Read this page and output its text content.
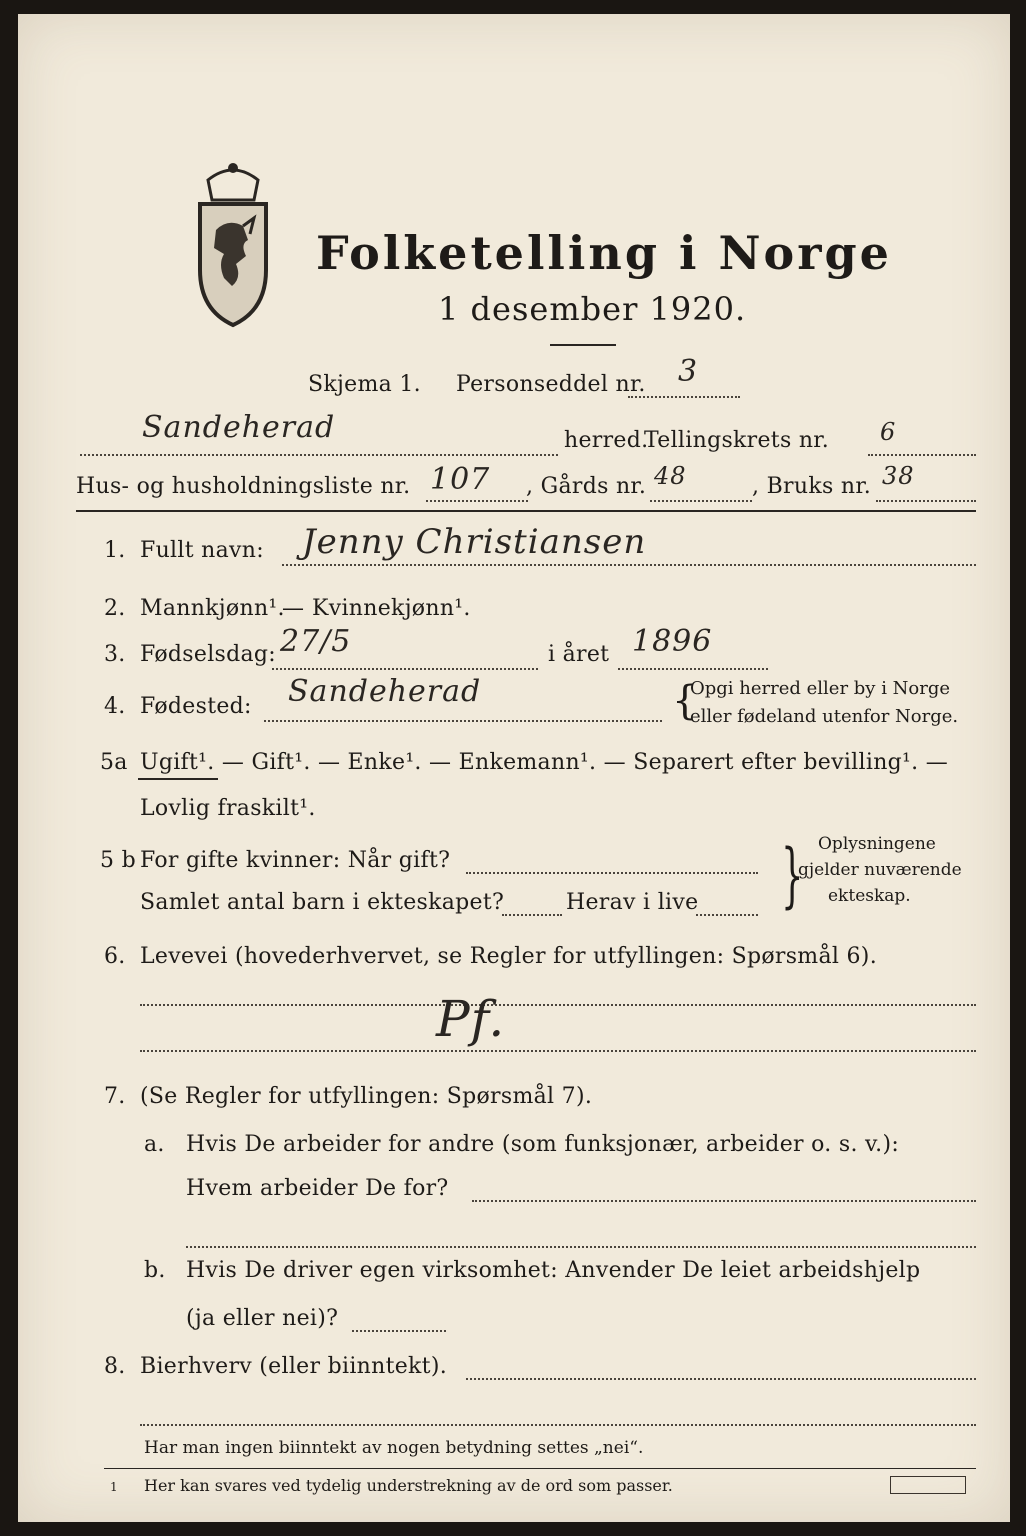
Folketelling i Norge
1 desember 1920.
Skjema 1. Personseddel nr. 3
Sandeherad	herred.
Tellingskrets nr. 6
Hus- og husholdningsliste nr. 107 , Gårds nr. 48	, Bruks nr. 38
1. Fullt navn: Jenny Christiansen
2. Mannkjønn¹.
— Kvinnekjønn¹.
3. Fødselsdag: 27/5	i året 1896
4. Fødested: Sandeherad	{
Opgi herred eller by i Norge
eller fødeland utenfor Norge.
5a Ugift¹. — Gift¹. — Enke¹. — Enkemann¹. — Separert efter bevilling¹. —
Lovlig fraskilt¹.
5 b For gifte kvinner: Når gift?
Samlet antal barn i ekteskapet?	Herav i live } Oplysningene
gjelder nuværende
ekteskap.
6. Levevei (hovederhvervet, se Regler for utfyllingen: Spørsmål 6).
Pf.
7. (Se Regler for utfyllingen: Spørsmål 7).
a. Hvis De arbeider for andre (som funksjonær, arbeider o. s. v.):
Hvem arbeider De for?
b. Hvis De driver egen virksomhet: Anvender De leiet arbeidshjelp
(ja eller nei)?
8. Bierhverv (eller biinntekt).
Har man ingen biinntekt av nogen betydning settes „nei“.
1 Her kan svares ved tydelig understrekning av de ord som passer.
